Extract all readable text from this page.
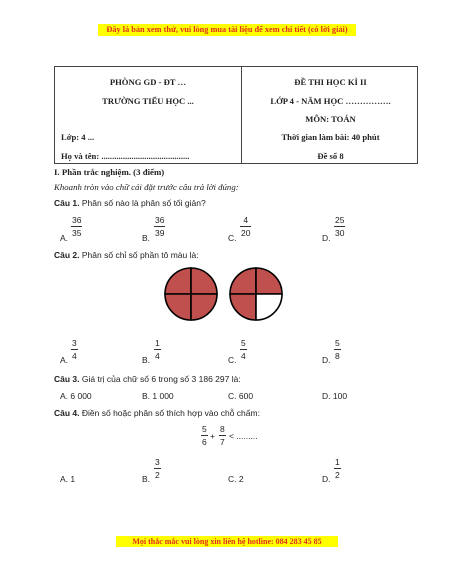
Đây là bản xem thử, vui lòng mua tài liệu để xem chi tiết (có lời giải)
PHÒNG GD - ĐT …
TRƯỜNG TIỂU HỌC ...
Lớp: 4 ...
Họ và tên: .........................................
ĐỀ THI HỌC KÌ II
LỚP 4 - NĂM HỌC …………….
MÔN: TOÁN
Thời gian làm bài: 40 phút
Đề số 8
I. Phần trắc nghiệm. (3 điểm)
Khoanh tròn vào chữ cái đặt trước câu trả lời đúng:
Câu 1. Phân số nào là phân số tối giản?
A.
36
35	B.
36
39	C.
4
20	D.
25
30
Câu 2. Phân số chỉ số phần tô màu là:
A.
3
4	B.
1
4	C.
5
4	D.
5
8
Câu 3. Giá trị của chữ số 6 trong số 3 186 297 là:
A. 6 000	B. 1 000	C. 600	D. 100
Câu 4. Điền số hoặc phân số thích hợp vào chỗ chấm:
5
6
+
8
7
< .........
A. 1	B.
3
2	C. 2	D.
1
2
Mọi thắc mắc vui lòng xin liên hệ hotline: 084 283 45 85
